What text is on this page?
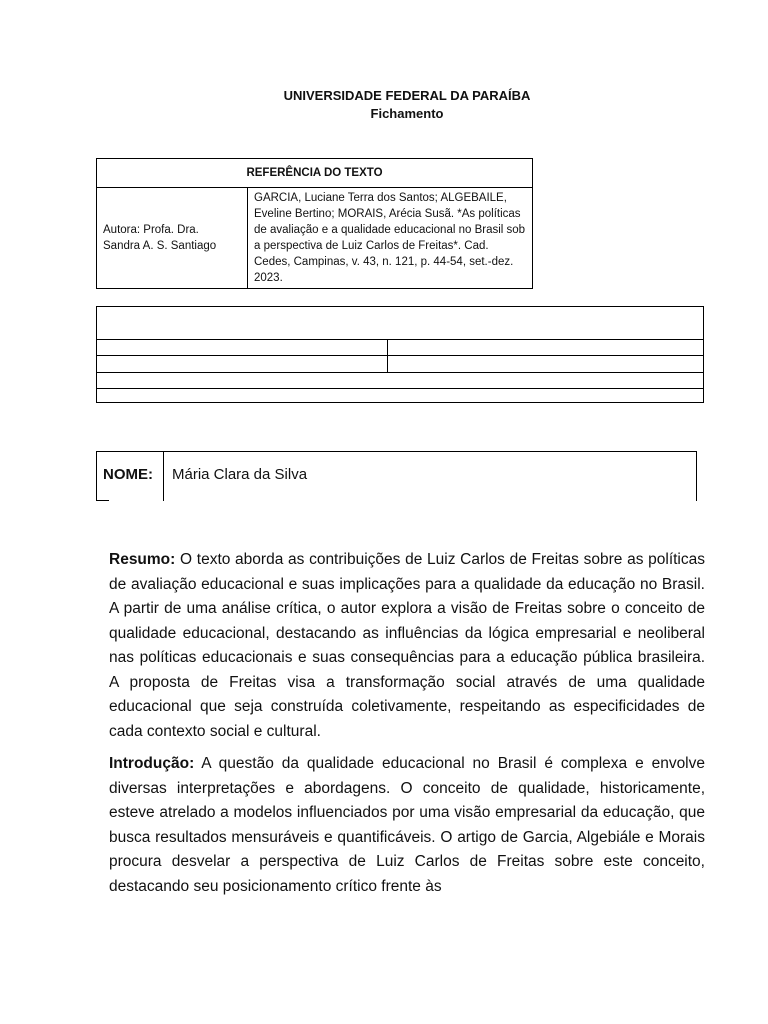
UNIVERSIDADE FEDERAL DA PARAÍBA
Fichamento
REFERÊNCIA DO TEXTO

Autora: Profa. Dra.
Sandra A. S. Santiago
	GARCIA, Luciane Terra dos Santos; ALGEBAILE, Eveline Bertino; MORAIS, Arécia Susã. *As políticas de avaliação e a qualidade educacional no Brasil sob a perspectiva de Luiz Carlos de Freitas*. Cad. Cedes, Campinas, v. 43, n. 121, p. 44-54, set.-dez. 2023.
NOME: Mária Clara da Silva

Resumo: O texto aborda as contribuições de Luiz Carlos de Freitas sobre as políticas de avaliação educacional e suas implicações para a qualidade da educação no Brasil. A partir de uma análise crítica, o autor explora a visão de Freitas sobre o conceito de qualidade educacional, destacando as influências da lógica empresarial e neoliberal nas políticas educacionais e suas consequências para a educação pública brasileira. A proposta de Freitas visa a transformação social através de uma qualidade educacional que seja construída coletivamente, respeitando as especificidades de cada contexto social e cultural.

Introdução: A questão da qualidade educacional no Brasil é complexa e envolve diversas interpretações e abordagens. O conceito de qualidade, historicamente, esteve atrelado a modelos influenciados por uma visão empresarial da educação, que busca resultados mensuráveis e quantificáveis. O artigo de Garcia, Algebiále e Morais procura desvelar a perspectiva de Luiz Carlos de Freitas sobre este conceito, destacando seu posicionamento crítico frente às
